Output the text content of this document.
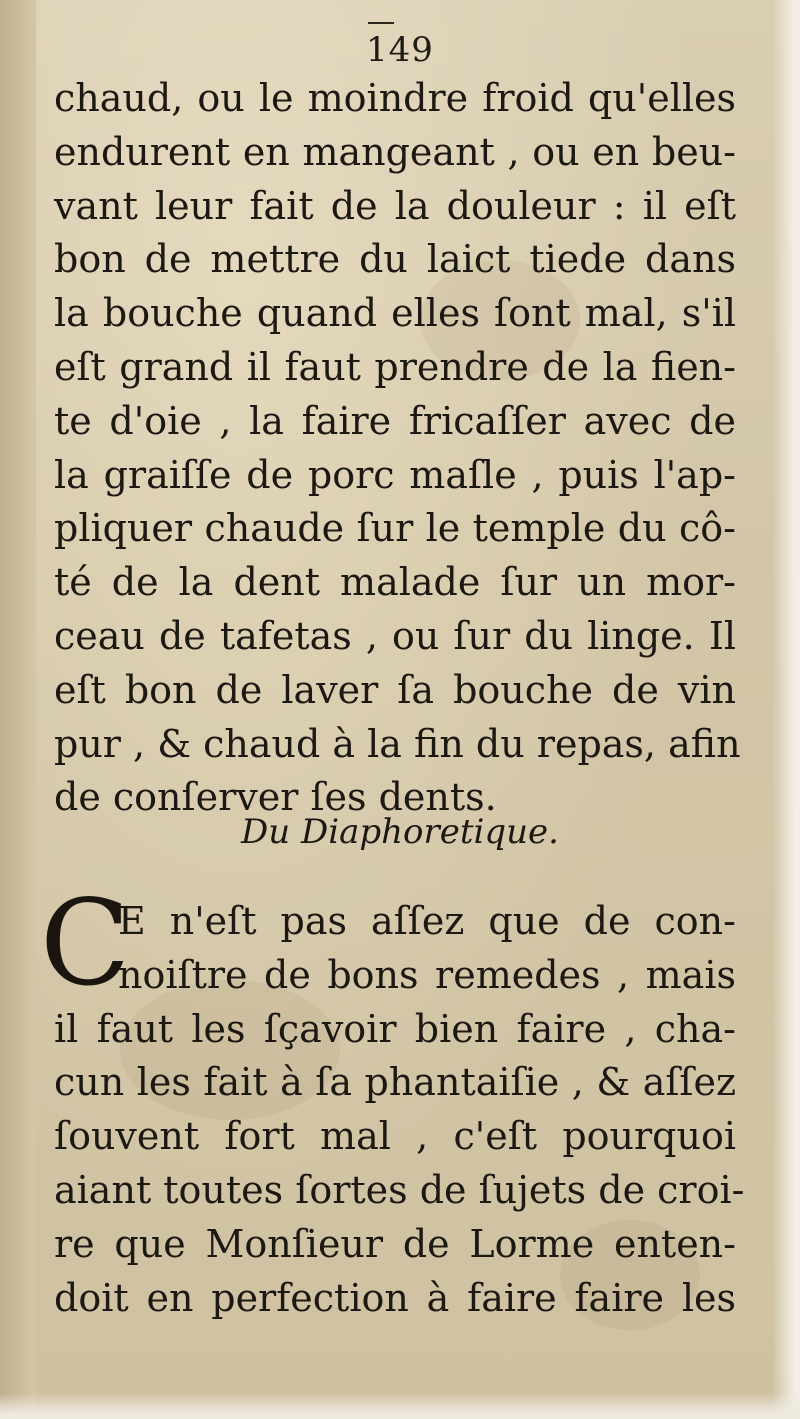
149
chaud, ou le moindre froid qu'elles
endurent en mangeant , ou en beu-
vant leur fait de la douleur : il eſt
bon de mettre du laict tiede dans
la bouche quand elles ſont mal, s'il
eſt grand il faut prendre de la fien-
te d'oie , la faire fricaſſer avec de
la graiſſe de porc maſle , puis l'ap-
pliquer chaude ſur le temple du cô-
té de la dent malade ſur un mor-
ceau de tafetas , ou ſur du linge. Il
eſt bon de laver ſa bouche de vin
pur , & chaud à la fin du repas, afin
de conſerver ſes dents.
Du Diaphoretique.
C
E n'eſt pas aſſez que de con-
noiſtre de bons remedes , mais
il faut les ſçavoir bien faire , cha-
cun les fait à ſa phantaiſie , & aſſez
ſouvent fort mal , c'eſt pourquoi
aiant toutes ſortes de ſujets de croi-
re que Monſieur de Lorme enten-
doit en perfection à faire faire les
